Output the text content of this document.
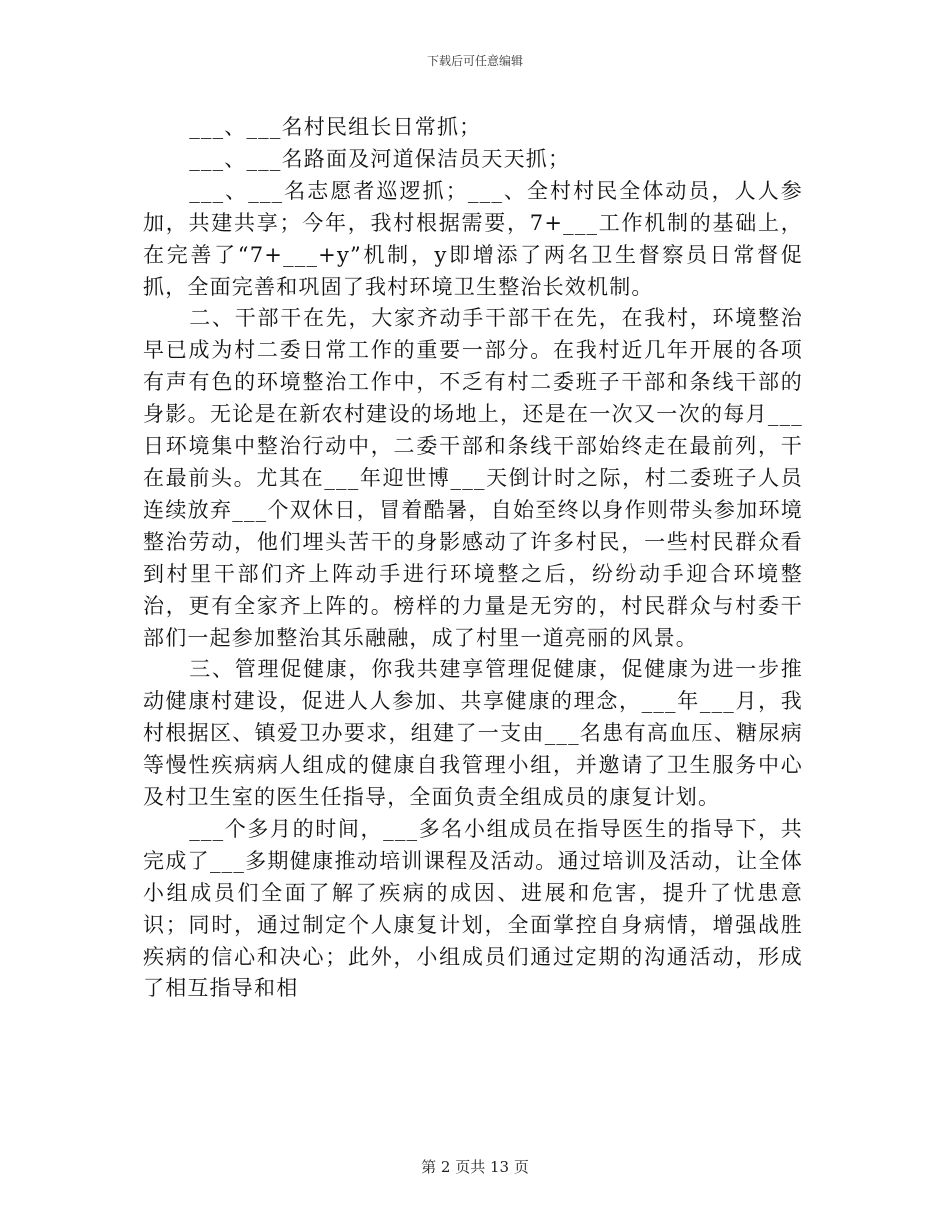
下载后可任意编辑

___、___名村民组长日常抓；

___、___名路面及河道保洁员天天抓；

___、___名志愿者巡逻抓；___、全村村民全体动员，人人参加，共建共享；今年，我村根据需要，7+___工作机制的基础上，在完善了“7+___+y”机制，y即增添了两名卫生督察员日常督促抓，全面完善和巩固了我村环境卫生整治长效机制。

二、干部干在先，大家齐动手干部干在先，在我村，环境整治早已成为村二委日常工作的重要一部分。在我村近几年开展的各项有声有色的环境整治工作中，不乏有村二委班子干部和条线干部的身影。无论是在新农村建设的场地上，还是在一次又一次的每月___日环境集中整治行动中，二委干部和条线干部始终走在最前列，干在最前头。尤其在___年迎世博___天倒计时之际，村二委班子人员连续放弃___个双休日，冒着酷暑，自始至终以身作则带头参加环境整治劳动，他们埋头苦干的身影感动了许多村民，一些村民群众看到村里干部们齐上阵动手进行环境整之后，纷纷动手迎合环境整治，更有全家齐上阵的。榜样的力量是无穷的，村民群众与村委干部们一起参加整治其乐融融，成了村里一道亮丽的风景。

三、管理促健康，你我共建享管理促健康，促健康为进一步推动健康村建设，促进人人参加、共享健康的理念，___年___月，我村根据区、镇爱卫办要求，组建了一支由___名患有高血压、糖尿病等慢性疾病病人组成的健康自我管理小组，并邀请了卫生服务中心及村卫生室的医生任指导，全面负责全组成员的康复计划。

___个多月的时间，___多名小组成员在指导医生的指导下，共完成了___多期健康推动培训课程及活动。通过培训及活动，让全体小组成员们全面了解了疾病的成因、进展和危害，提升了忧患意识；同时，通过制定个人康复计划，全面掌控自身病情，增强战胜疾病的信心和决心；此外，小组成员们通过定期的沟通活动，形成了相互指导和相

第 2 页共 13 页
